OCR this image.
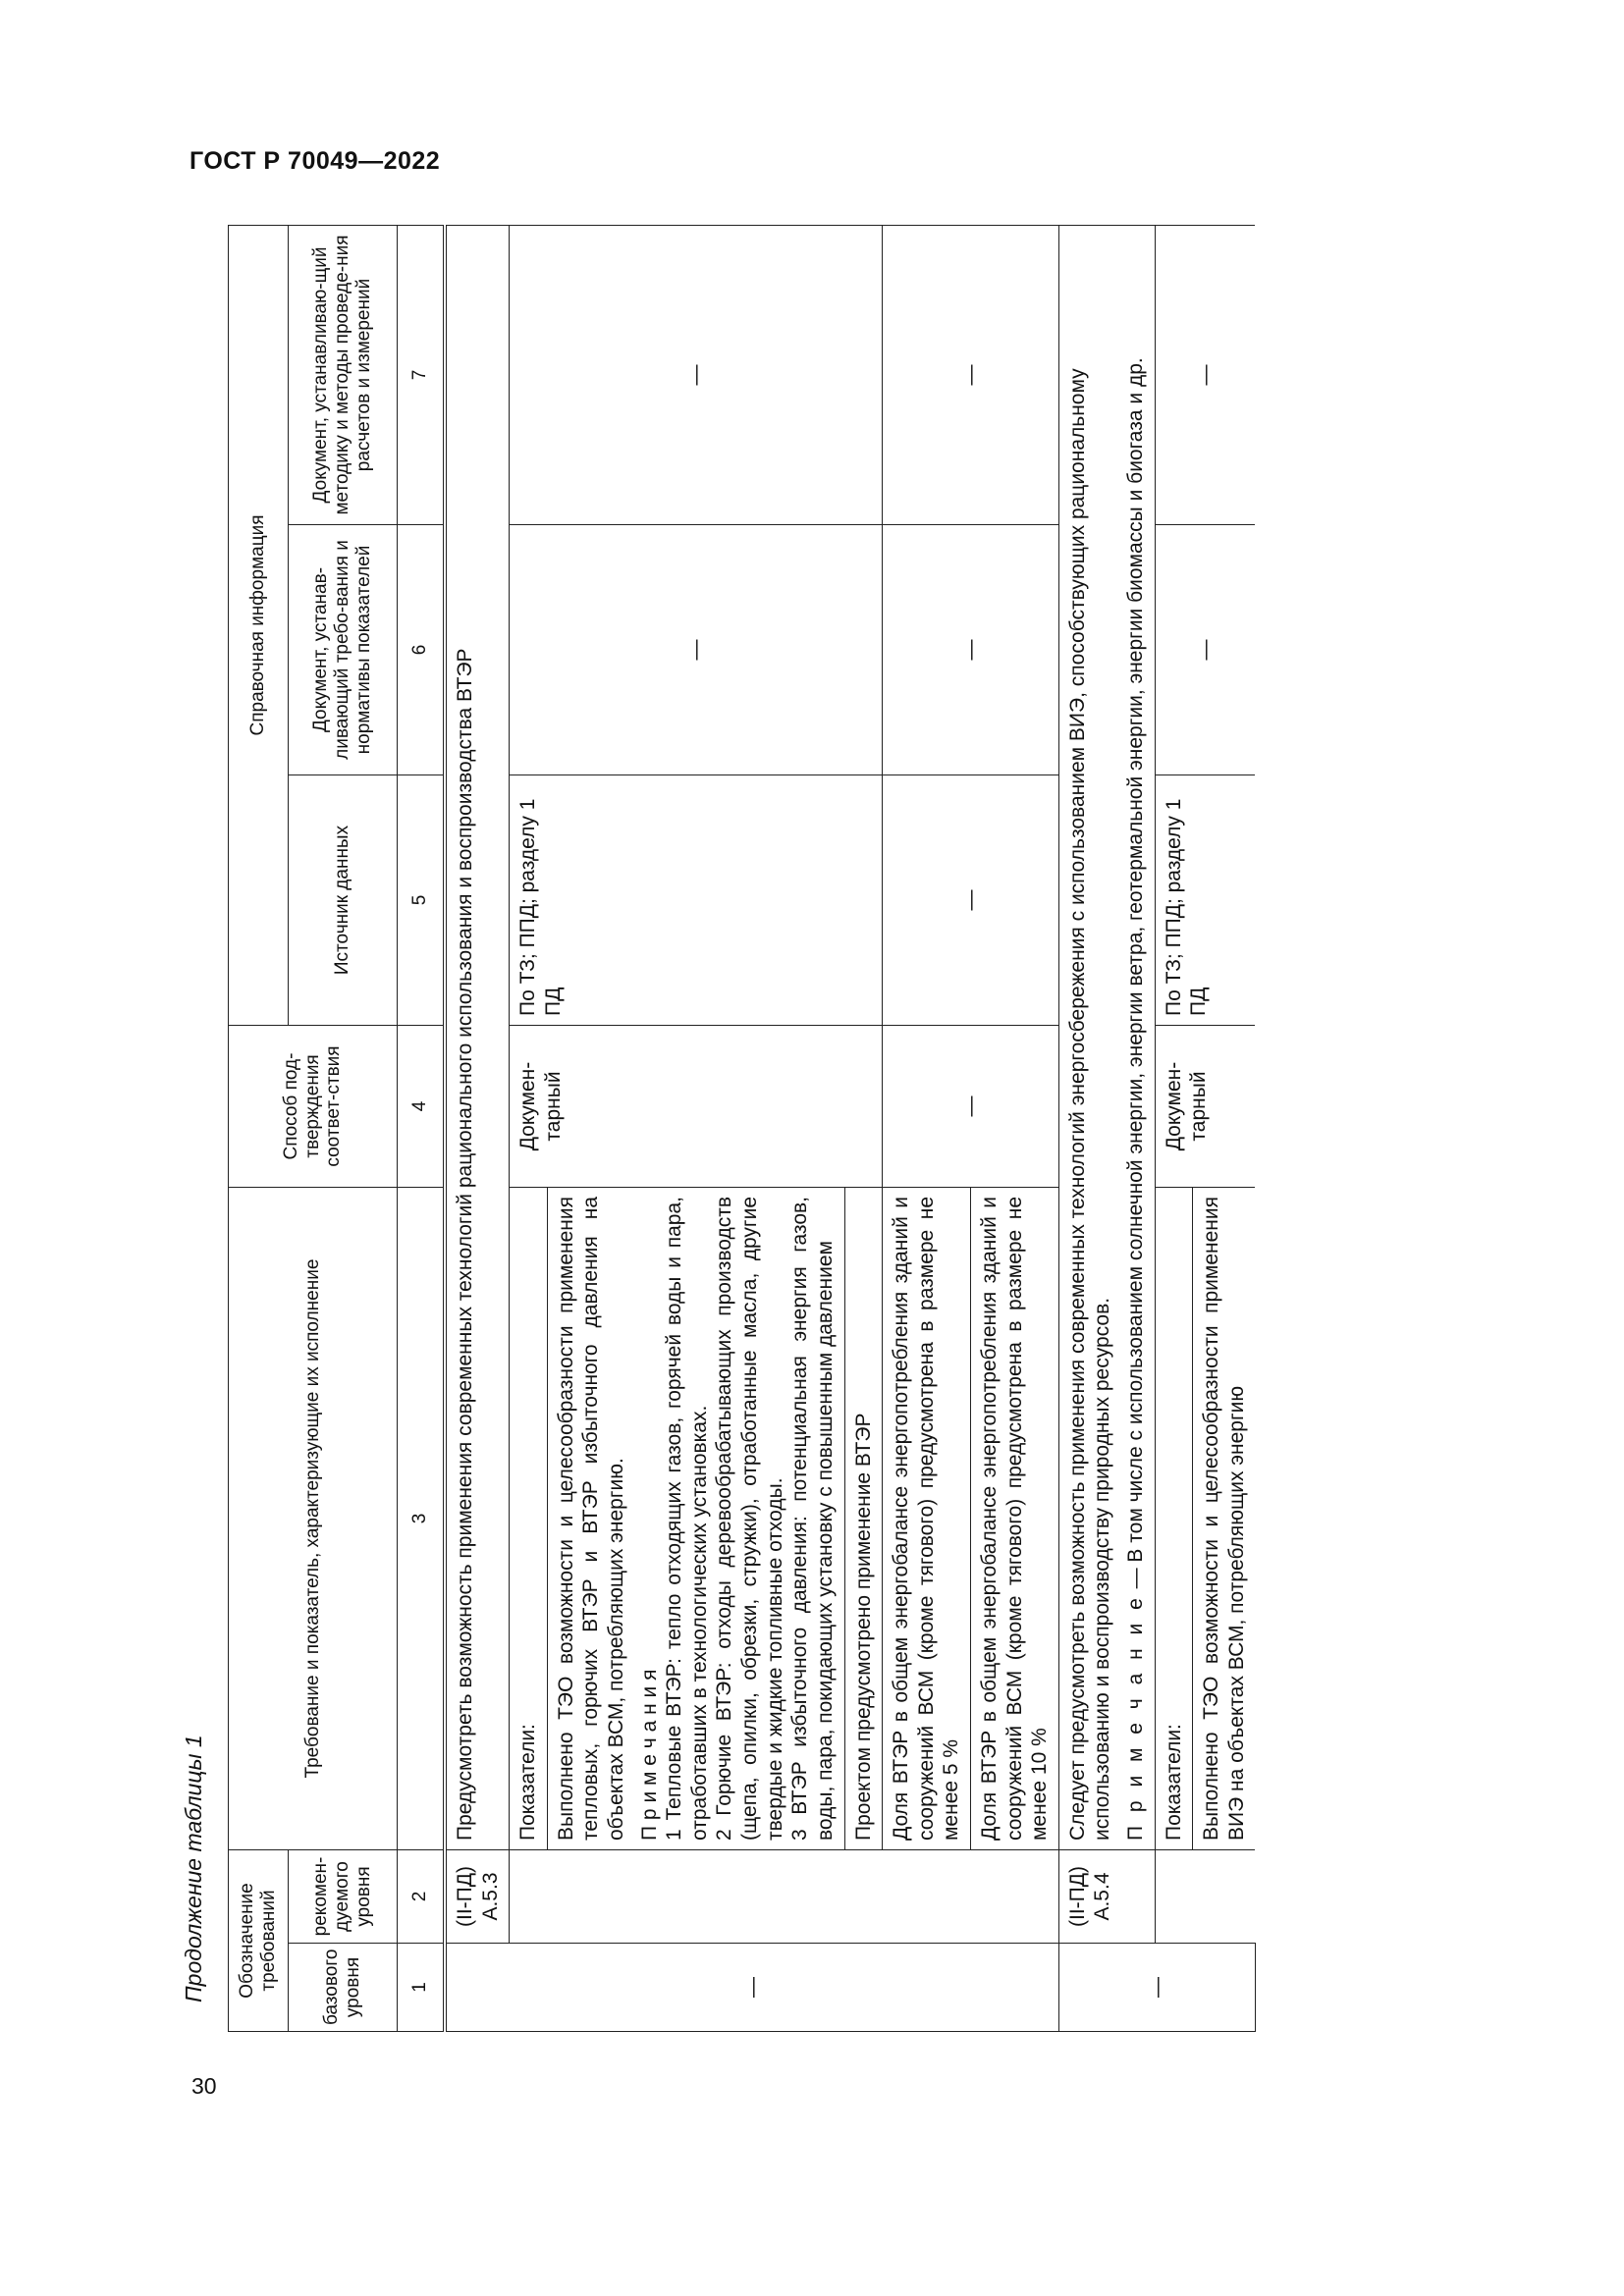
ГОСТ Р 70049—2022
30
Продолжение таблицы 1 Обозначение требований		Требование и показатель, характеризующие их исполнение	Способ под-тверждения соответ-ствия	Справочная информация		
базового уровня	рекомен-дуемого уровня			Источник данных	Документ, устанав-ливающий требо-вания и нормативы показателей	Документ, устанавливаю-щий методику и методы проведе-ния расчетов и измерений
1	2	3	4	5	6	7
—	(II-ПД) А.5.3	Предусмотреть возможность применения современных технологий рационального использования и воспроизводства ВТЭР				
		Показатели:	Докумен-тарный	По ТЗ; ППД; разделу 1 ПД	—	—

		Выполнено ТЭО возможности и целесообразности применения тепловых, горючих ВТЭР и ВТЭР избыточного давления на объектах ВСМ, потребляющих энергию. П р и м е ч а н и я 1 Тепловые ВТЭР: тепло отходящих газов, горячей воды и пара, отработавших в технологических установках. 2 Горючие ВТЭР: отходы деревообрабатывающих производств (щепа, опилки, обрезки, стружки), отработанные масла, другие твердые и жидкие топливные отходы. 3 ВТЭР избыточного давления: потенциальная энергия газов, воды, пара, покидающих установку с повышенным давлением				

		Проектом предусмотрено применение ВТЭР				
		Доля ВТЭР в общем энергобалансе энергопотребления зданий и сооружений ВСМ (кроме тягового) предусмотрена в размере не менее 5 %	—	—	—	—
		Доля ВТЭР в общем энергобалансе энергопотребления зданий и сооружений ВСМ (кроме тягового) предусмотрена в размере не менее 10 %				
—	(II-ПД) А.5.4	Следует предусмотреть возможность применения современных технологий энергосбережения с использованием ВИЭ, способствующих рациональному использованию и воспроизводству природных ресурсов. П р и м е ч а н и е — В том числе с использованием солнечной энергии, энергии ветра, геотермальной энергии, энергии биомассы и биогаза и др.				

		Показатели:	Докумен-тарный	По ТЗ; ППД; разделу 1 ПД	—	—
		Выполнено ТЭО возможности и целесообразности применения ВИЭ на объектах ВСМ, потребляющих энергию				
